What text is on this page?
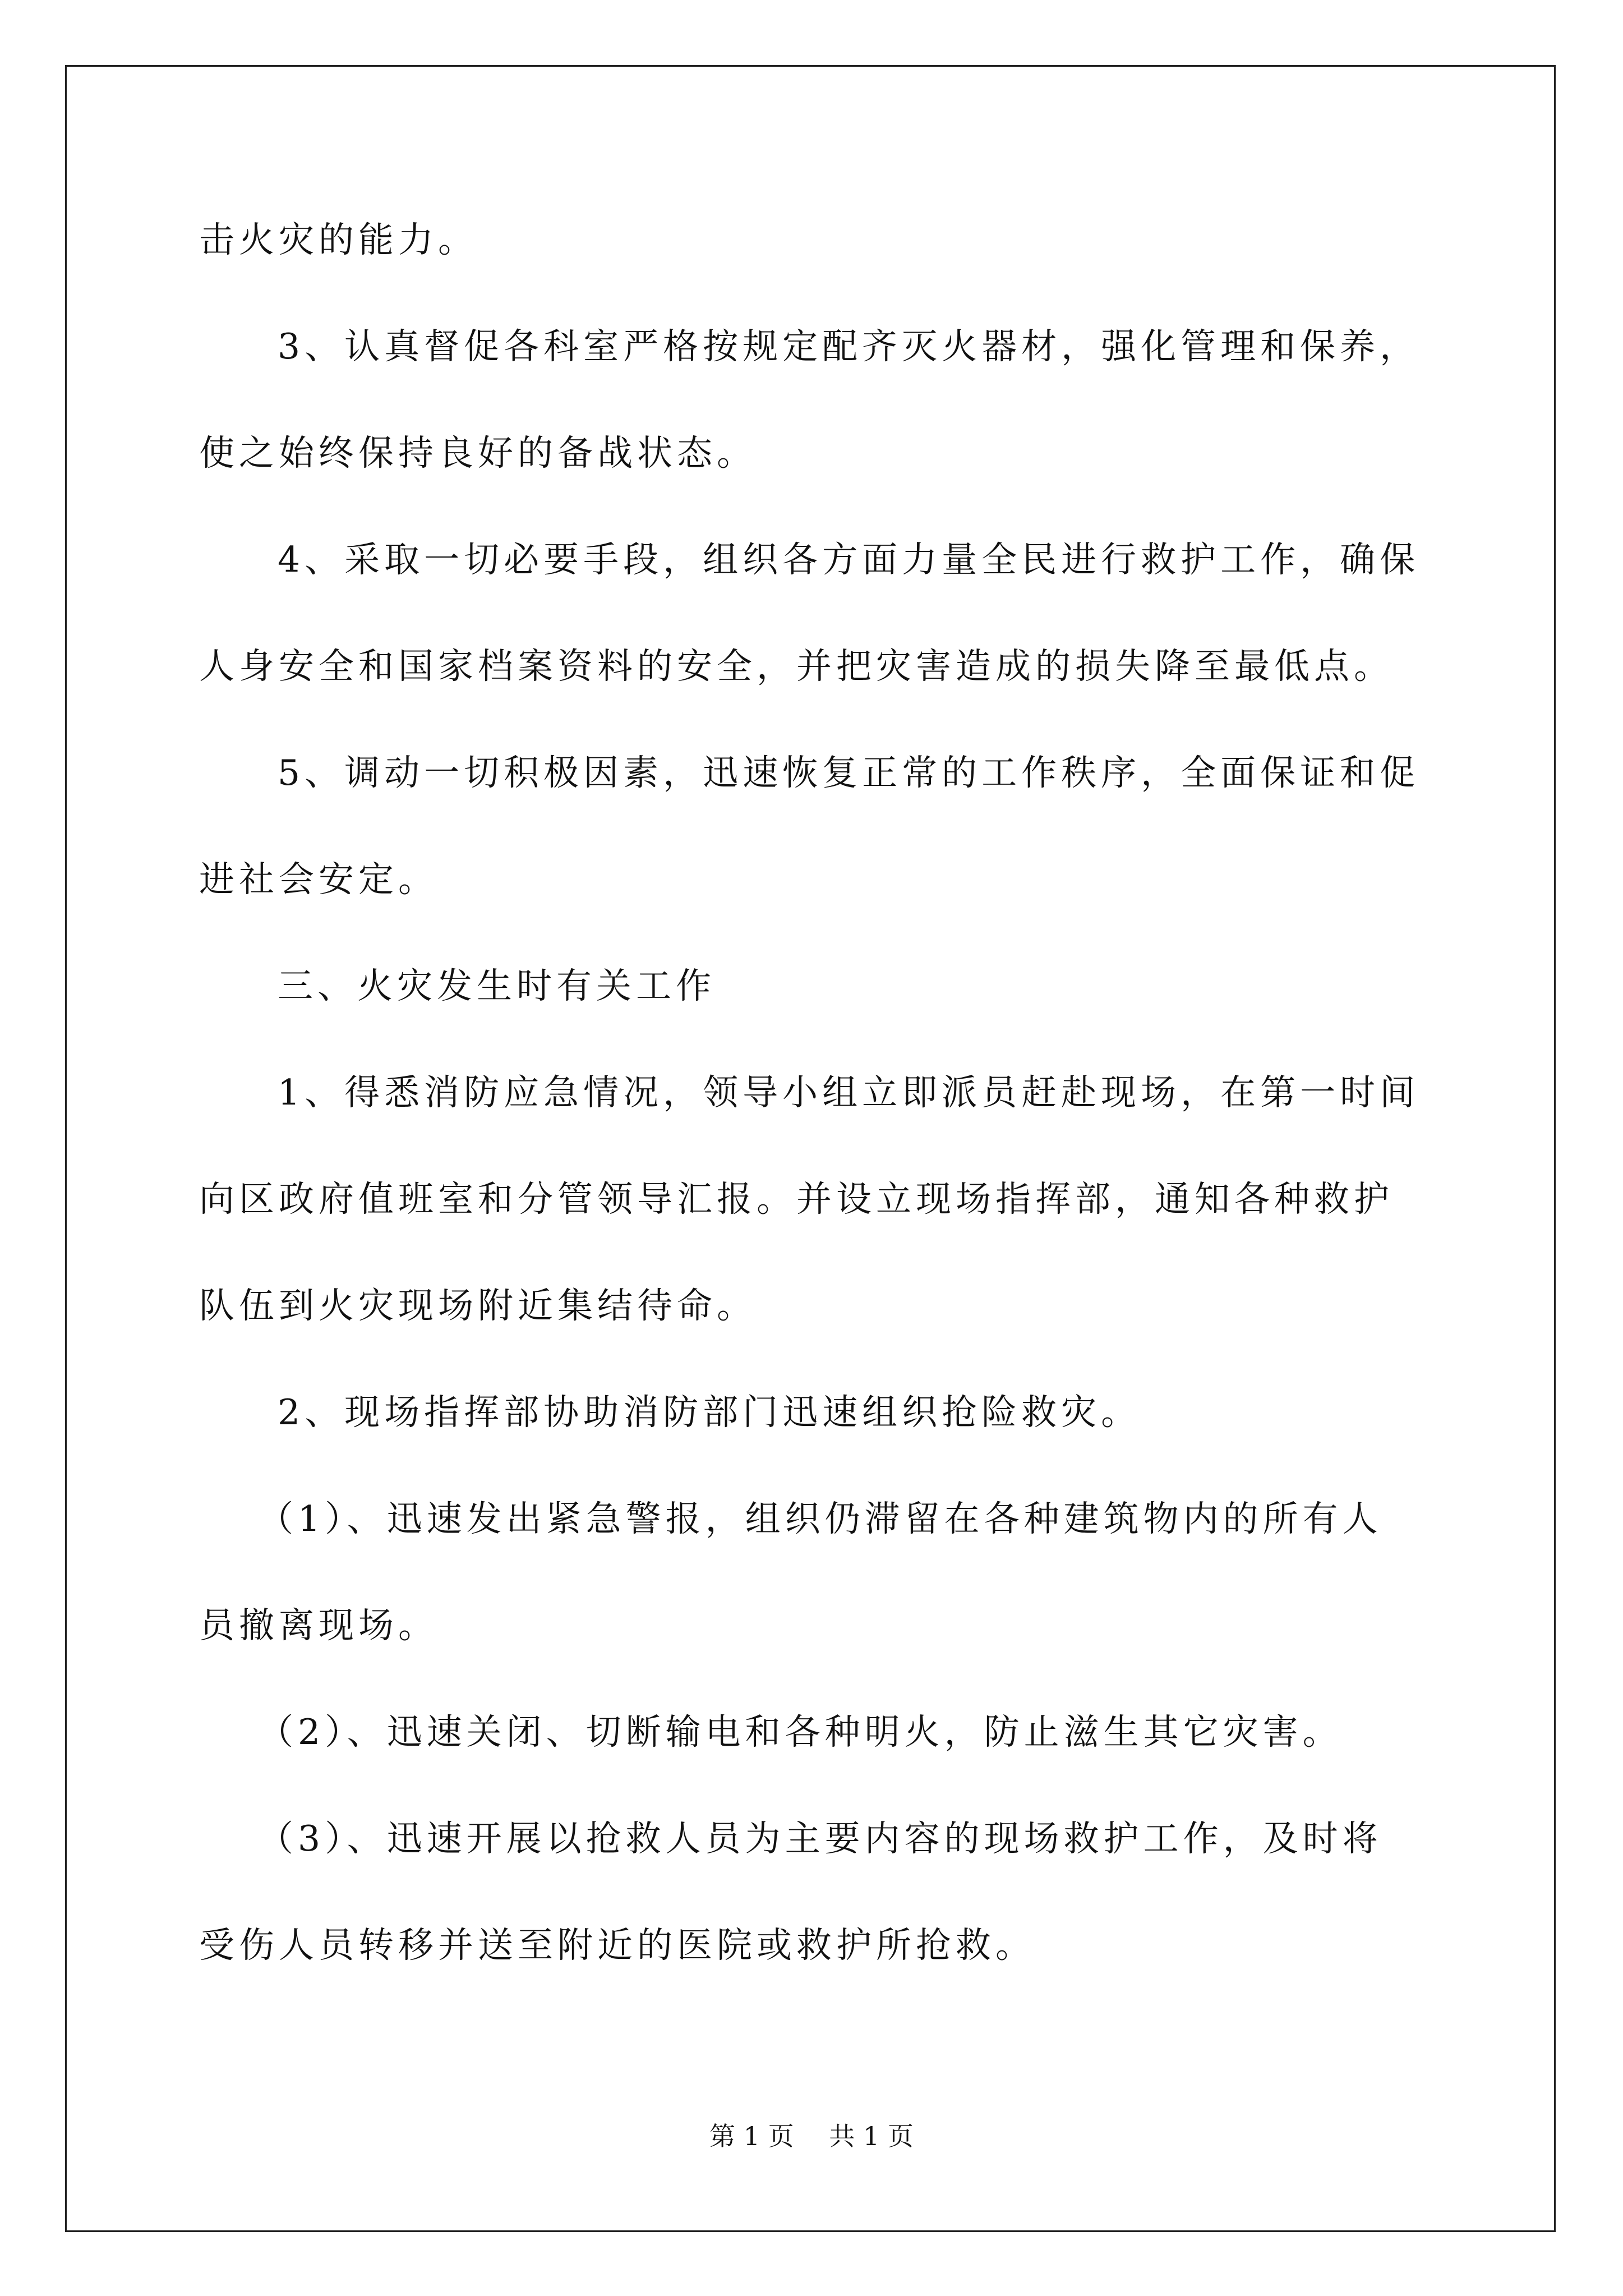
击火灾的能力。
3、认真督促各科室严格按规定配齐灭火器材，强化管理和保养，
使之始终保持良好的备战状态。
4、采取一切必要手段，组织各方面力量全民进行救护工作，确保
人身安全和国家档案资料的安全，并把灾害造成的损失降至最低点。
5、调动一切积极因素，迅速恢复正常的工作秩序，全面保证和促
进社会安定。
三、火灾发生时有关工作
1、得悉消防应急情况，领导小组立即派员赶赴现场，在第一时间
向区政府值班室和分管领导汇报。并设立现场指挥部，通知各种救护
队伍到火灾现场附近集结待命。
2、现场指挥部协助消防部门迅速组织抢险救灾。
（1）、迅速发出紧急警报，组织仍滞留在各种建筑物内的所有人
员撤离现场。
（2）、迅速关闭、切断输电和各种明火，防止滋生其它灾害。
（3）、迅速开展以抢救人员为主要内容的现场救护工作，及时将
受伤人员转移并送至附近的医院或救护所抢救。
第 1 页 共 1 页
